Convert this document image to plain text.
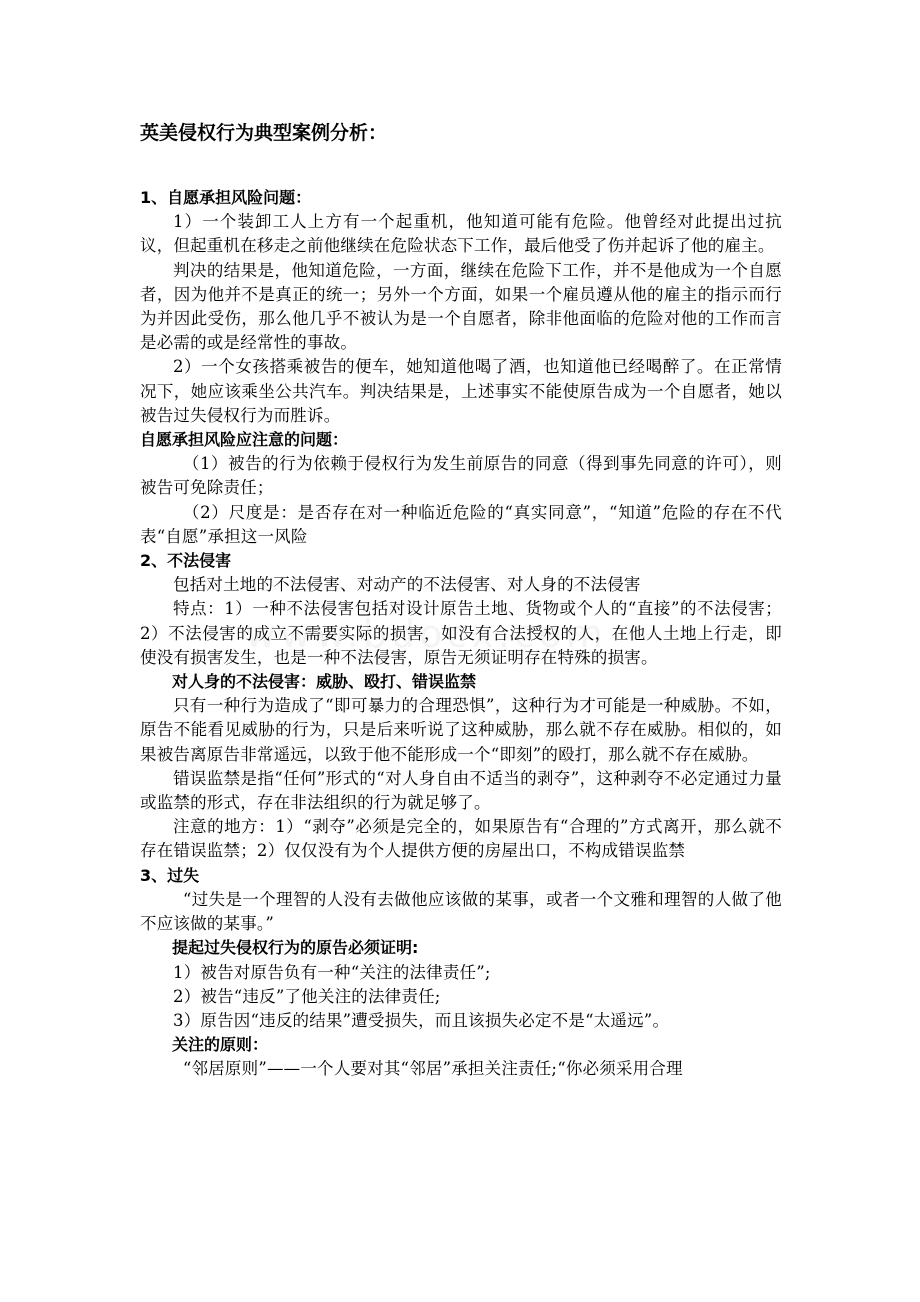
英美侵权行为典型案例分析：

1、自愿承担风险问题：

1）一个装卸工人上方有一个起重机，他知道可能有危险。他曾经对此提出过抗议，但起重机在移走之前他继续在危险状态下工作，最后他受了伤并起诉了他的雇主。

判决的结果是，他知道危险，一方面，继续在危险下工作，并不是他成为一个自愿者，因为他并不是真正的统一；另外一个方面，如果一个雇员遵从他的雇主的指示而行为并因此受伤，那么他几乎不被认为是一个自愿者，除非他面临的危险对他的工作而言是必需的或是经常性的事故。

2）一个女孩搭乘被告的便车，她知道他喝了酒，也知道他已经喝醉了。在正常情况下，她应该乘坐公共汽车。判决结果是，上述事实不能使原告成为一个自愿者，她以被告过失侵权行为而胜诉。

自愿承担风险应注意的问题：

（1）被告的行为依赖于侵权行为发生前原告的同意（得到事先同意的许可），则被告可免除责任；

（2）尺度是：是否存在对一种临近危险的“真实同意”，“知道”危险的存在不代表“自愿”承担这一风险

2、不法侵害

包括对土地的不法侵害、对动产的不法侵害、对人身的不法侵害

特点：1）一种不法侵害包括对设计原告土地、货物或个人的“直接”的不法侵害；2）不法侵害的成立不需要实际的损害，如没有合法授权的人，在他人土地上行走，即使没有损害发生，也是一种不法侵害，原告无须证明存在特殊的损害。

对人身的不法侵害：威胁、殴打、错误监禁

只有一种行为造成了“即可暴力的合理恐惧”，这种行为才可能是一种威胁。不如，原告不能看见威胁的行为，只是后来听说了这种威胁，那么就不存在威胁。相似的，如果被告离原告非常遥远，以致于他不能形成一个“即刻”的殴打，那么就不存在威胁。

错误监禁是指“任何”形式的“对人身自由不适当的剥夺”，这种剥夺不必定通过力量或监禁的形式，存在非法组织的行为就足够了。

注意的地方：1）“剥夺”必须是完全的，如果原告有“合理的”方式离开，那么就不存在错误监禁；2）仅仅没有为个人提供方便的房屋出口，不构成错误监禁

3、过失

“过失是一个理智的人没有去做他应该做的某事，或者一个文雅和理智的人做了他不应该做的某事。”

提起过失侵权行为的原告必须证明:

1）被告对原告负有一种“关注的法律责任”;

2）被告“违反”了他关注的法律责任;

3）原告因“违反的结果”遭受损失，而且该损失必定不是“太遥远”。

关注的原则：

“邻居原则”——一个人要对其“邻居”承担关注责任;“你必须采用合理
